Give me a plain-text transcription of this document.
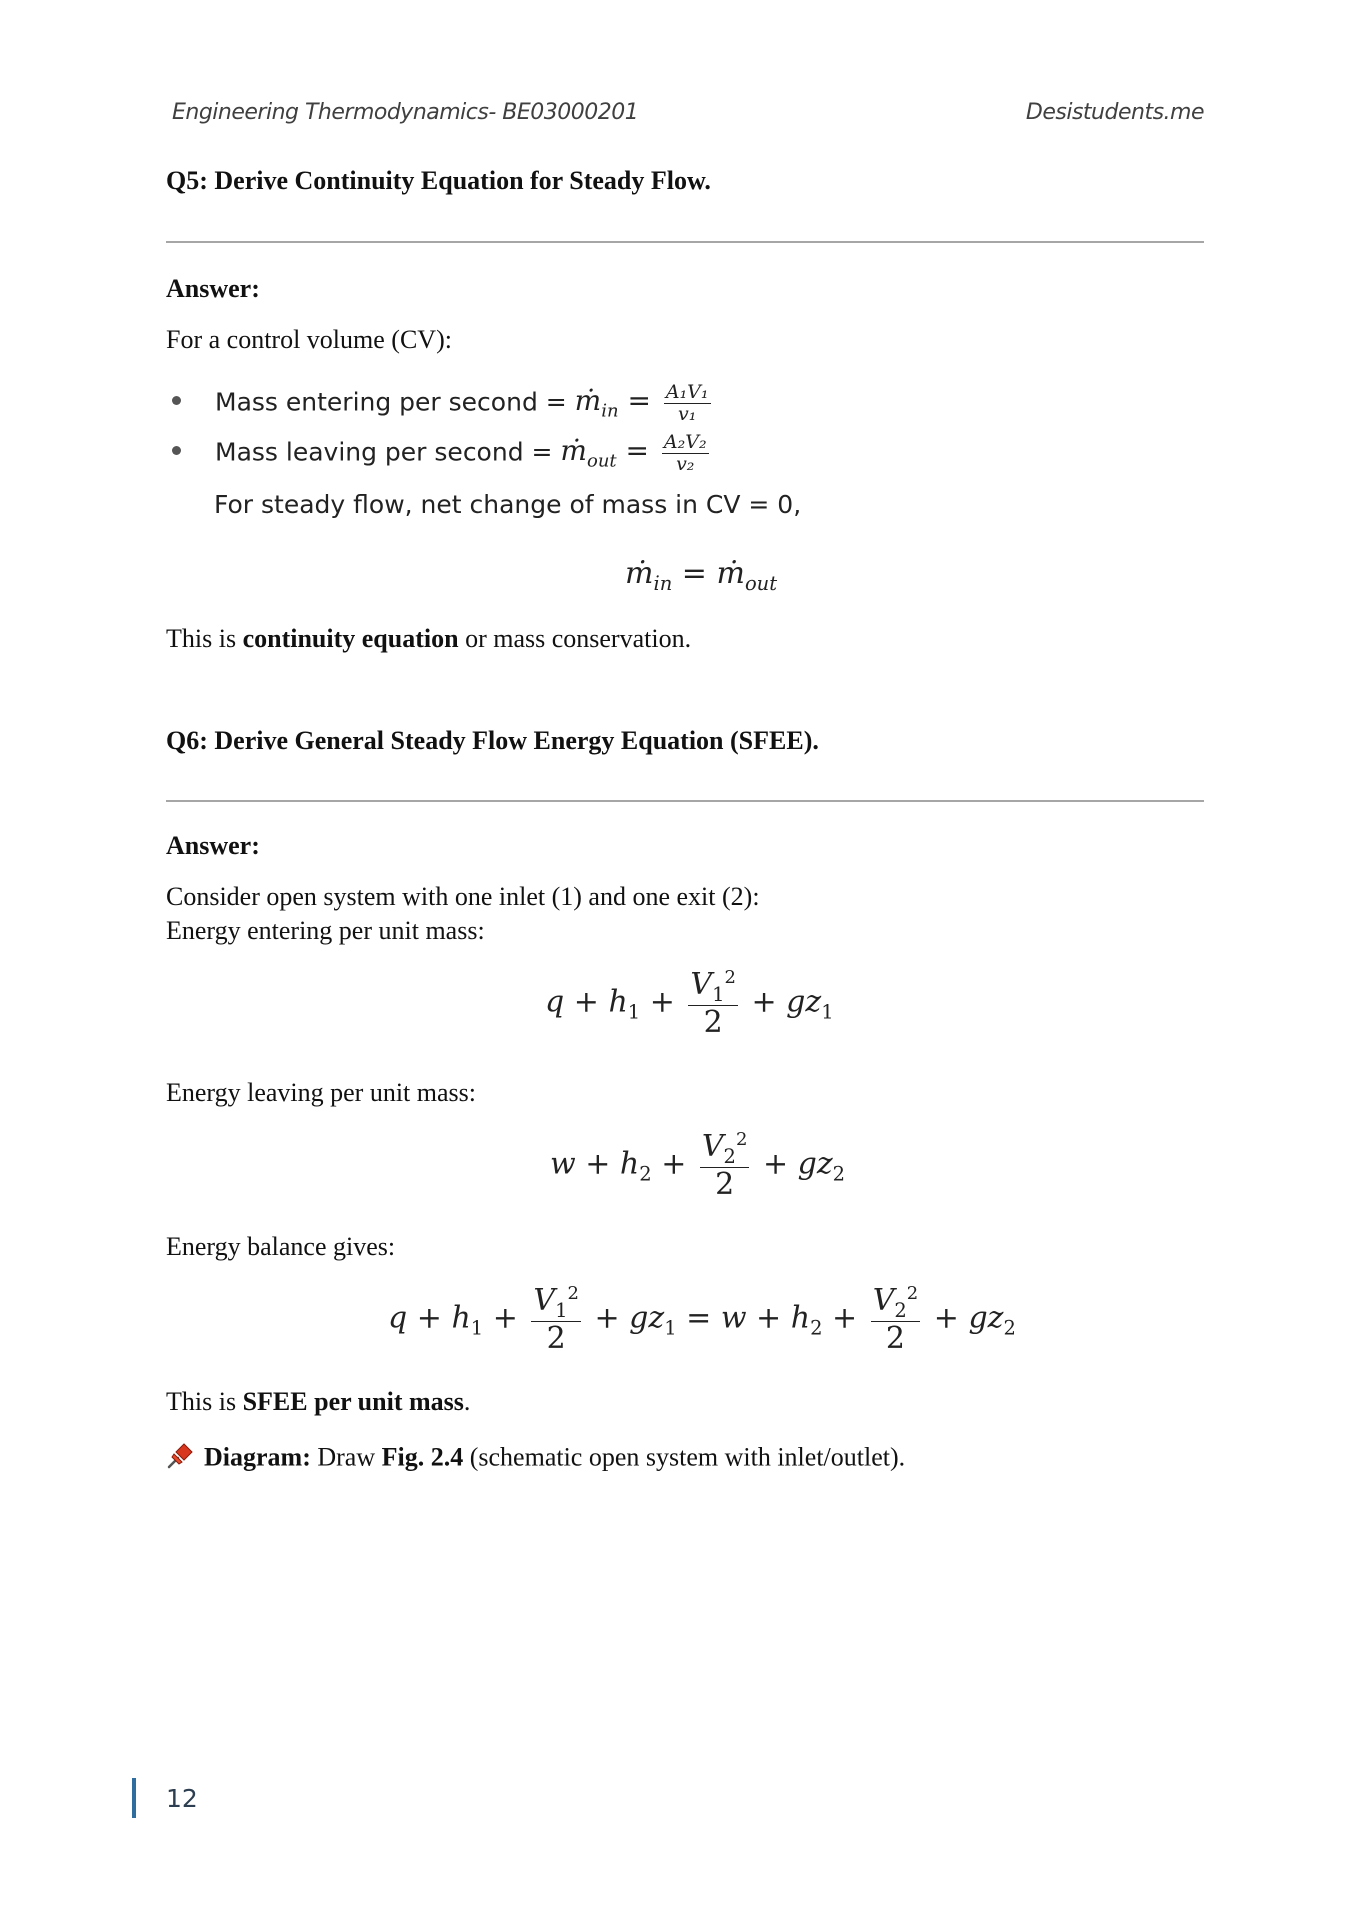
Engineering Thermodynamics- BE03000201	Desistudents.me
Q5: Derive Continuity Equation for Steady Flow.
Answer:
For a control volume (CV):
Mass entering per second = ṁ$_{in}$ = $\frac{\text{A₁V₁}}{\text{v₁}}$
Mass leaving per second = ṁ$_{out}$ = $\frac{\text{A₂V₂}}{\text{v₂}}$
For steady flow, net change of mass in CV = 0,
ṁ$_{in}$ = ṁ$_{out}$
This is continuity equation or mass conservation.
Q6: Derive General Steady Flow Energy Equation (SFEE).
Answer:
Consider open system with one inlet (1) and one exit (2):
Energy entering per unit mass:
$q + h_1 + \frac{V_1^2}{2} + gz_1$
Energy leaving per unit mass:
$w + h_2 + \frac{V_2^2}{2} + gz_2$
Energy balance gives:
$q + h_1 + \frac{V_1^2}{2} + gz_1 = w + h_2 + \frac{V_2^2}{2} + gz_2$
This is SFEE per unit mass.
Diagram: Draw Fig. 2.4 (schematic open system with inlet/outlet).
12
